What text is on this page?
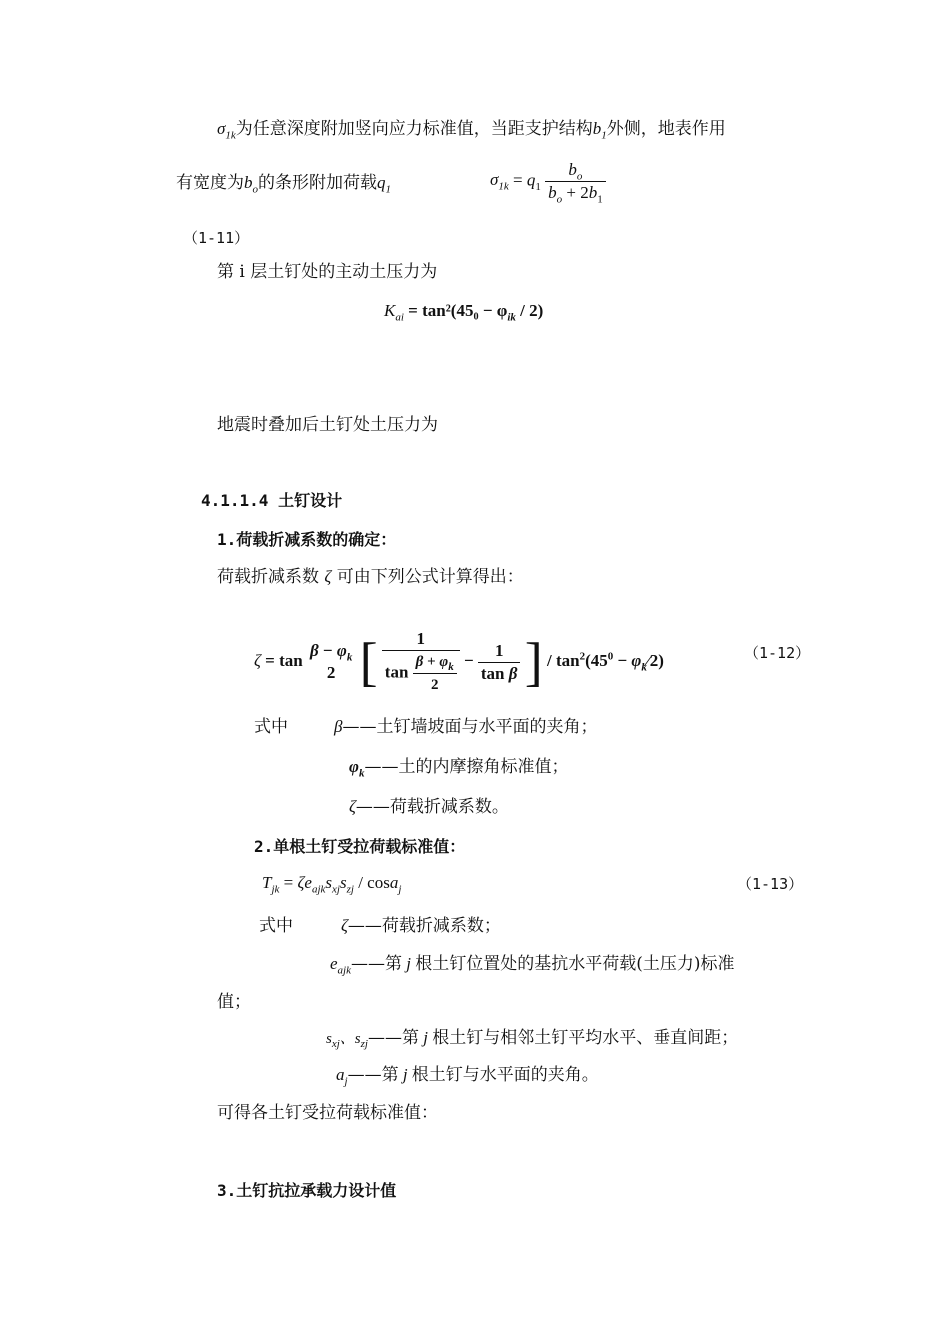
$\sigma_{1k}$为任意深度附加竖向应力标准值，当距支护结构$b_1$外侧，地表作用
有宽度为$b_o$的条形附加荷载$q_1$	$\sigma_{1k} = q_1 \frac{b_o}{b_o + 2b_1}$
（1-11）
第 i 层土钉处的主动土压力为
$K_{ai} = \tan^2(45_0 - \varphi_{ik} / 2)$
地震时叠加后土钉处土压力为
4.1.1.4 土钉设计
1.荷载折减系数的确定：
荷载折减系数 ζ 可由下列公式计算得出：
ζ = tan
$\beta - \varphi_k$
2 [ $\frac{1}{\tan \frac{\beta + \varphi_k}{2}} - \frac{1}{\text{tan β}}$ ] / $\tan^2(45^0$ − $\varphi_k⁄2$)	（1-12）
式中	β——土钉墙坡面与水平面的夹角；
$\varphi_k——$土的内摩擦角标准值；
ζ——荷载折减系数。
2.单根土钉受拉荷载标准值：
$T_{jk} = \zeta e_{ajk}s_{xj}s_{zj} / \cos a_j$	（1-13）
式中	ζ——荷载折减系数；
$e_{ajk}——$第 j 根土钉位置处的基抗水平荷载(土压力)标准
值；
$s_{xj}$、$s_{zj}——$第 j 根土钉与相邻土钉平均水平、垂直间距；
$a_j——$第 j 根土钉与水平面的夹角。
可得各土钉受拉荷载标准值：
3.土钉抗拉承载力设计值
